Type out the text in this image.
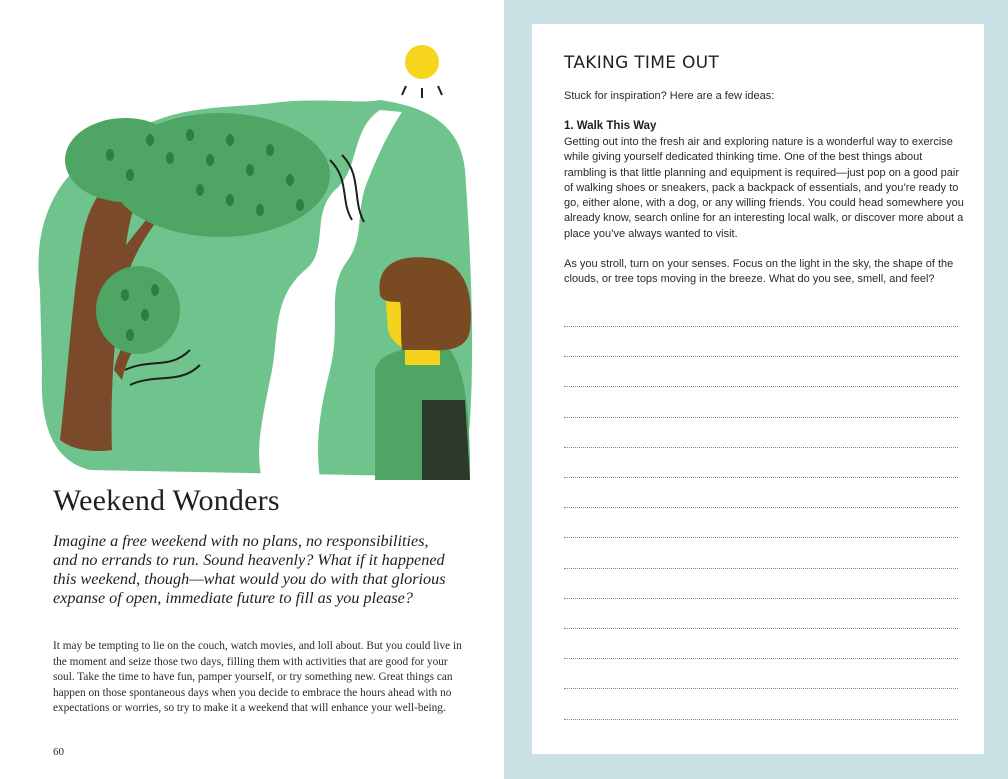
Weekend Wonders

Imagine a free weekend with no plans, no responsibilities, and no errands to run. Sound heavenly? What if it happened this weekend, though—what would you do with that glorious expanse of open, immediate future to fill as you please?

It may be tempting to lie on the couch, watch movies, and loll about. But you could live in the moment and seize those two days, filling them with activities that are good for your soul. Take the time to have fun, pamper yourself, or try something new. Great things can happen on those spontaneous days when you decide to embrace the hours ahead with no expectations or worries, so try to make it a weekend that will enhance your well-being.

60
TAKING TIME OUT

Stuck for inspiration? Here are a few ideas:

1. Walk This Way

Getting out into the fresh air and exploring nature is a wonderful way to exercise while giving yourself dedicated thinking time. One of the best things about rambling is that little planning and equipment is required—just pop on a good pair of walking shoes or sneakers, pack a backpack of essentials, and you’re ready to go, either alone, with a dog, or any willing friends. You could head somewhere you already know, search online for an interesting local walk, or discover more about a place you’ve always wanted to visit.

As you stroll, turn on your senses. Focus on the light in the sky, the shape of the clouds, or tree tops moving in the breeze. What do you see, smell, and feel?
